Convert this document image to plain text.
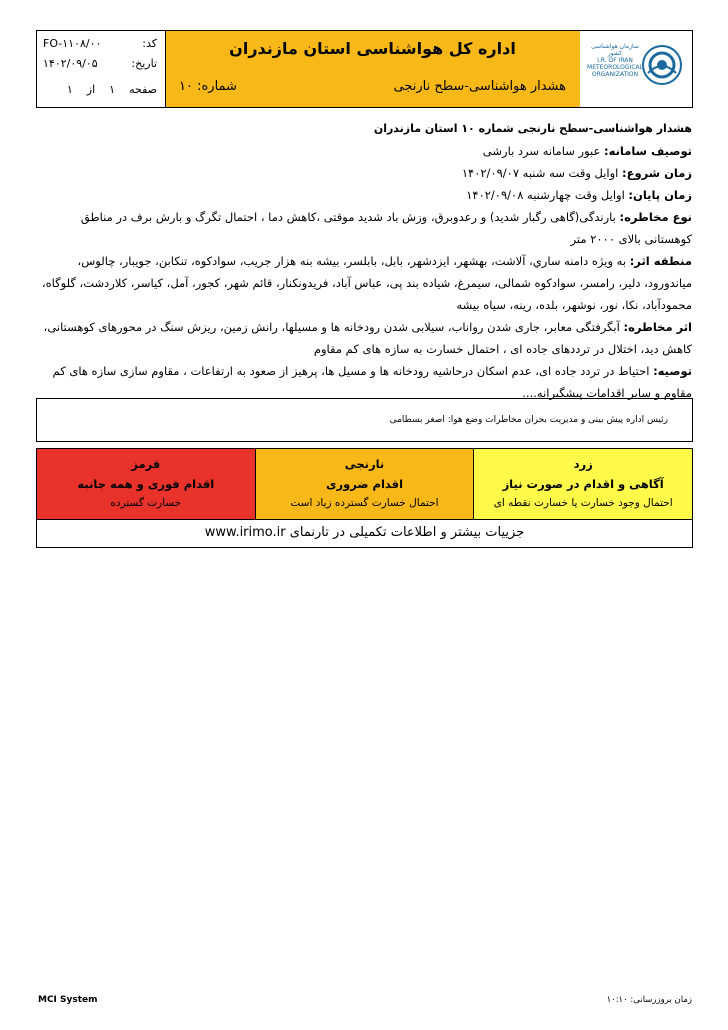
سازمان هواشناسی کشور
I.R. OF IRAN
METEOROLOGICAL
ORGANIZATION
اداره کل هواشناسی استان مازندران
هشدار هواشناسی-سطح نارنجی
شماره: ۱۰
کد:
FO-۱۱۰۸/۰۰
تاریخ:
۱۴۰۲/۰۹/۰۵
صفحه
۱
از
۱

هشدار هواشناسی-سطح نارنجی شماره ۱۰ استان مازندران

توصیف سامانه: عبور سامانه سرد بارشی

زمان شروع: اوایل وقت سه شنبه ۱۴۰۲/۰۹/۰۷

زمان پایان: اوایل وقت چهارشنبه ۱۴۰۲/۰۹/۰۸

نوع مخاطره: بارندگی(گاهی رگبار شدید) و رعدوبرق، وزش باد شدید موقتی ،کاهش دما ، احتمال تگرگ و بارش برف در مناطق کوهستانی بالای ۲۰۰۰ متر

منطقه اثر: به ویژه دامنه ساري، آلاشت، بهشهر، ایزدشهر، بابل، بابلسر، بیشه بنه هزار جریب، سوادکوه، تنکابن، جویبار، چالوس، میاندورود، دلیر، رامسر، سوادکوه شمالی، سیمرغ، شیاده بند پی، عباس آباد، فریدونکنار، قائم شهر، کجور، آمل، کیاسر، کلاردشت، گلوگاه، محمودآباد، نکا، نور، نوشهر، بلده، رینه، سیاه بیشه

اثر مخاطره: آبگرفتگی معابر، جاری شدن رواناب، سیلابی شدن رودخانه ها و مسیلها، رانش زمین، ریزش سنگ در محورهای کوهستانی، کاهش دید، اختلال در ترددهای جاده ای ، احتمال خسارت به سازه های کم مقاوم

توصیه: احتیاط در تردد جاده ای، عدم اسکان درحاشیه رودخانه ها و مسیل ها، پرهیز از صعود به ارتفاعات ، مقاوم سازی سازه های کم مقاوم و سایر اقدامات پیشگیرانه....

رئیس اداره پیش بینی و مدیریت بحران مخاطرات وضع هوا: اصغر بسطامی
زرد
آگاهی و اقدام در صورت نیاز
احتمال وجود خسارت یا خسارت نقطه ای
نارنجی
اقدام ضروری
احتمال خسارت گسترده زیاد است
قرمز
اقدام فوری و همه جانبه
خسارت گسترده
جزییات بیشتر و اطلاعات تکمیلی در تارنمای www.irimo.ir
MCI System	زمان بروزرسانی: ۱۰:۱۰
